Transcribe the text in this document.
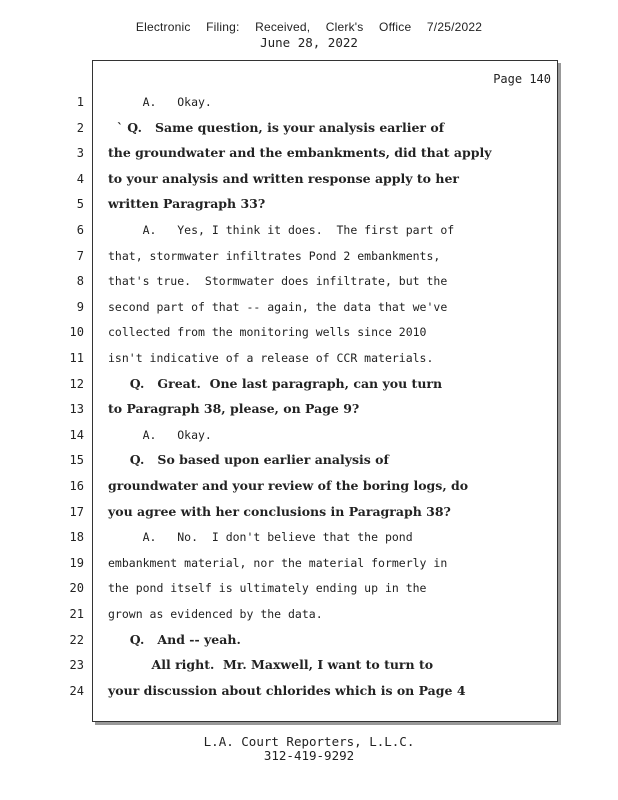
Electronic Filing: Received, Clerk's Office 7/25/2022
June 28, 2022
Page 140
1 A.   Okay.
2 ` Q.   Same question, is your analysis earlier of
3 the groundwater and the embankments, did that apply
4 to your analysis and written response apply to her
5 written Paragraph 33?
6 A.   Yes, I think it does.  The first part of
7 that, stormwater infiltrates Pond 2 embankments,
8 that's true.  Stormwater does infiltrate, but the
9 second part of that -- again, the data that we've
10 collected from the monitoring wells since 2010
11 isn't indicative of a release of CCR materials.
12 Q.   Great.  One last paragraph, can you turn
13 to Paragraph 38, please, on Page 9?
14 A.   Okay.
15 Q.   So based upon earlier analysis of
16 groundwater and your review of the boring logs, do
17 you agree with her conclusions in Paragraph 38?
18 A.   No.  I don't believe that the pond
19 embankment material, nor the material formerly in
20 the pond itself is ultimately ending up in the
21 grown as evidenced by the data.
22 Q.   And -- yeah.
23 All right.  Mr. Maxwell, I want to turn to
24 your discussion about chlorides which is on Page 4
L.A. Court Reporters, L.L.C.
312-419-9292
